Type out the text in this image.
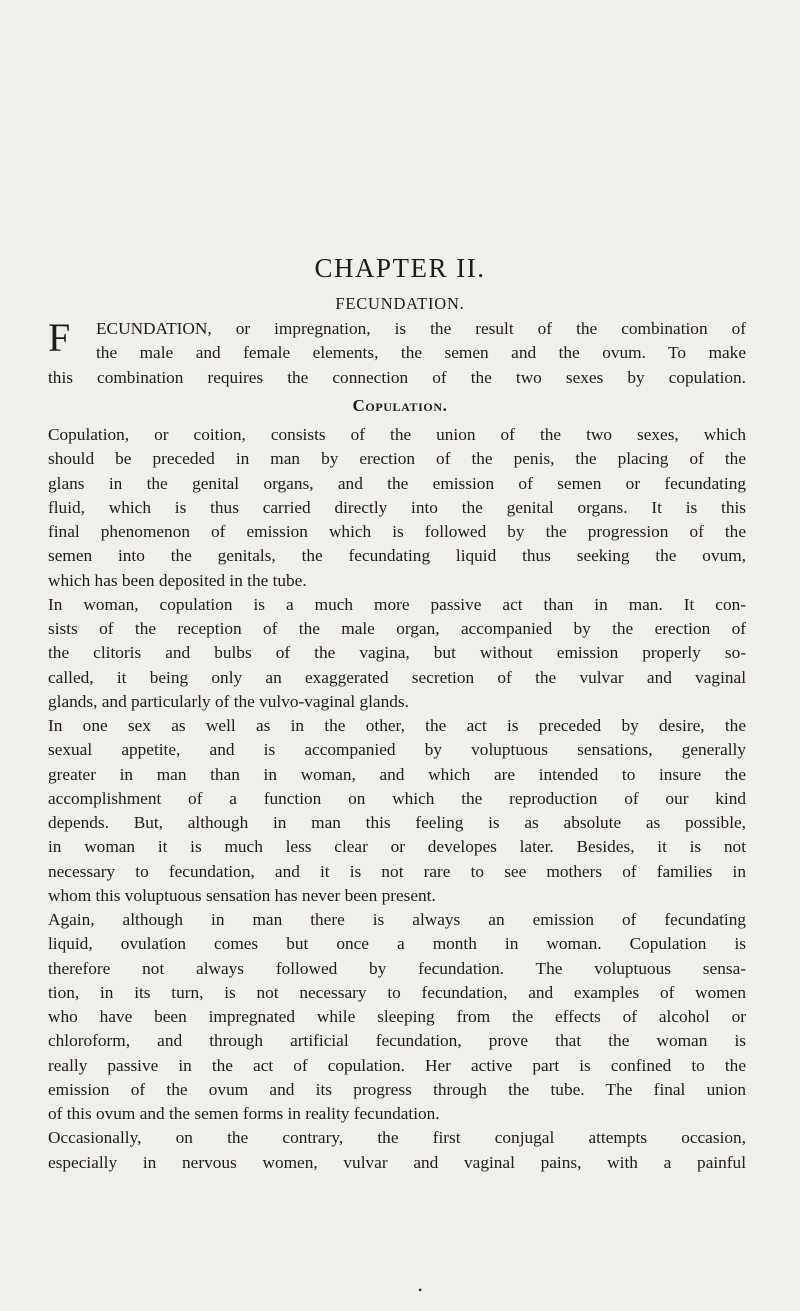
CHAPTER II.
FECUNDATION.
F	ECUNDATION, or impregnation, is the result of the combination of
the male and female elements, the semen and the ovum. To make
this combination requires the connection of the two sexes by copulation.
Copulation.
Copulation, or coition, consists of the union of the two sexes, which
should be preceded in man by erection of the penis, the placing of the
glans in the genital organs, and the emission of semen or fecundating
fluid, which is thus carried directly into the genital organs. It is this
final phenomenon of emission which is followed by the progression of the
semen into the genitals, the fecundating liquid thus seeking the ovum,
which has been deposited in the tube.
In woman, copulation is a much more passive act than in man. It con-
sists of the reception of the male organ, accompanied by the erection of
the clitoris and bulbs of the vagina, but without emission properly so-
called, it being only an exaggerated secretion of the vulvar and vaginal
glands, and particularly of the vulvo-vaginal glands.
In one sex as well as in the other, the act is preceded by desire, the
sexual appetite, and is accompanied by voluptuous sensations, generally
greater in man than in woman, and which are intended to insure the
accomplishment of a function on which the reproduction of our kind
depends. But, although in man this feeling is as absolute as possible,
in woman it is much less clear or developes later. Besides, it is not
necessary to fecundation, and it is not rare to see mothers of families in
whom this voluptuous sensation has never been present.
Again, although in man there is always an emission of fecundating
liquid, ovulation comes but once a month in woman. Copulation is
therefore not always followed by fecundation. The voluptuous sensa-
tion, in its turn, is not necessary to fecundation, and examples of women
who have been impregnated while sleeping from the effects of alcohol or
chloroform, and through artificial fecundation, prove that the woman is
really passive in the act of copulation. Her active part is confined to the
emission of the ovum and its progress through the tube. The final union
of this ovum and the semen forms in reality fecundation.
Occasionally, on the contrary, the first conjugal attempts occasion,
especially in nervous women, vulvar and vaginal pains, with a painful
•
